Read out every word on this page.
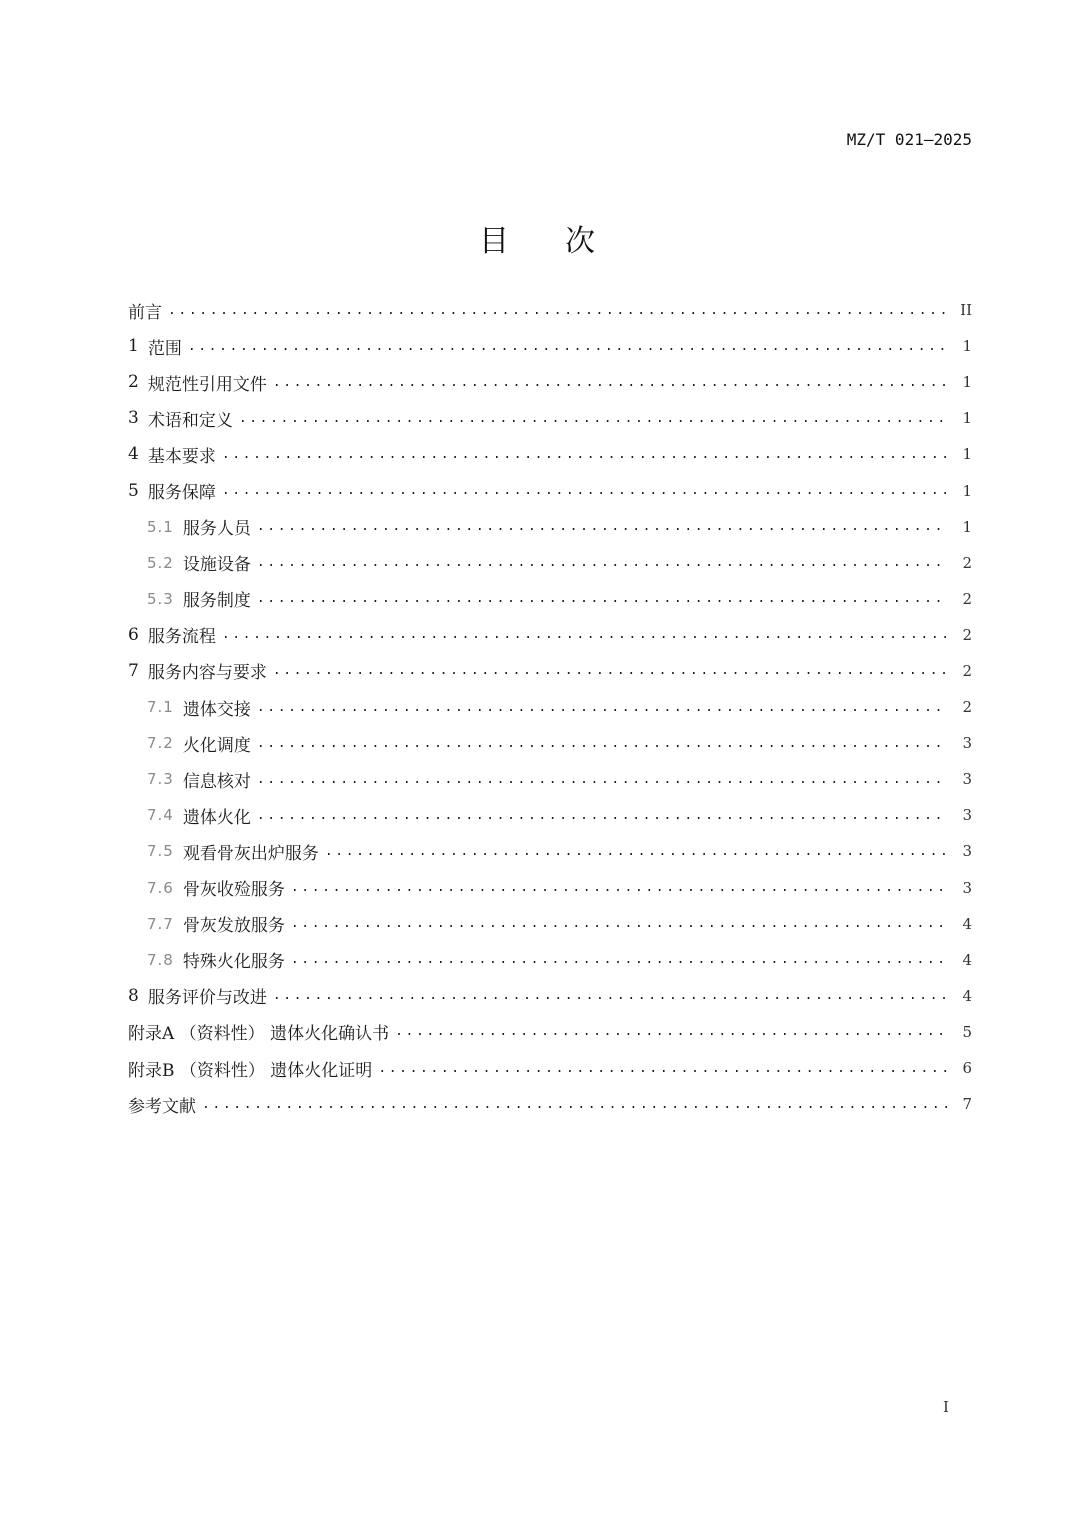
MZ/T 021—2025
目 次
前言 .....	II
1 范围 .....	1
2 规范性引用文件 .....	1
3 术语和定义 .....	1
4 基本要求 .....	1
5 服务保障 .....	1
5.1 服务人员 .....	1
5.2 设施设备 .....	2
5.3 服务制度 .....	2
6 服务流程 .....	2
7 服务内容与要求 .....	2
7.1 遗体交接 .....	2
7.2 火化调度 .....	3
7.3 信息核对 .....	3
7.4 遗体火化 .....	3
7.5 观看骨灰出炉服务 .....	3
7.6 骨灰收殓服务 .....	3
7.7 骨灰发放服务 .....	4
7.8 特殊火化服务 .....	4
8 服务评价与改进 .....	4
附录A （资料性） 遗体火化确认书 .....	5
附录B （资料性） 遗体火化证明 .....	6
参考文献 .....	7
I
